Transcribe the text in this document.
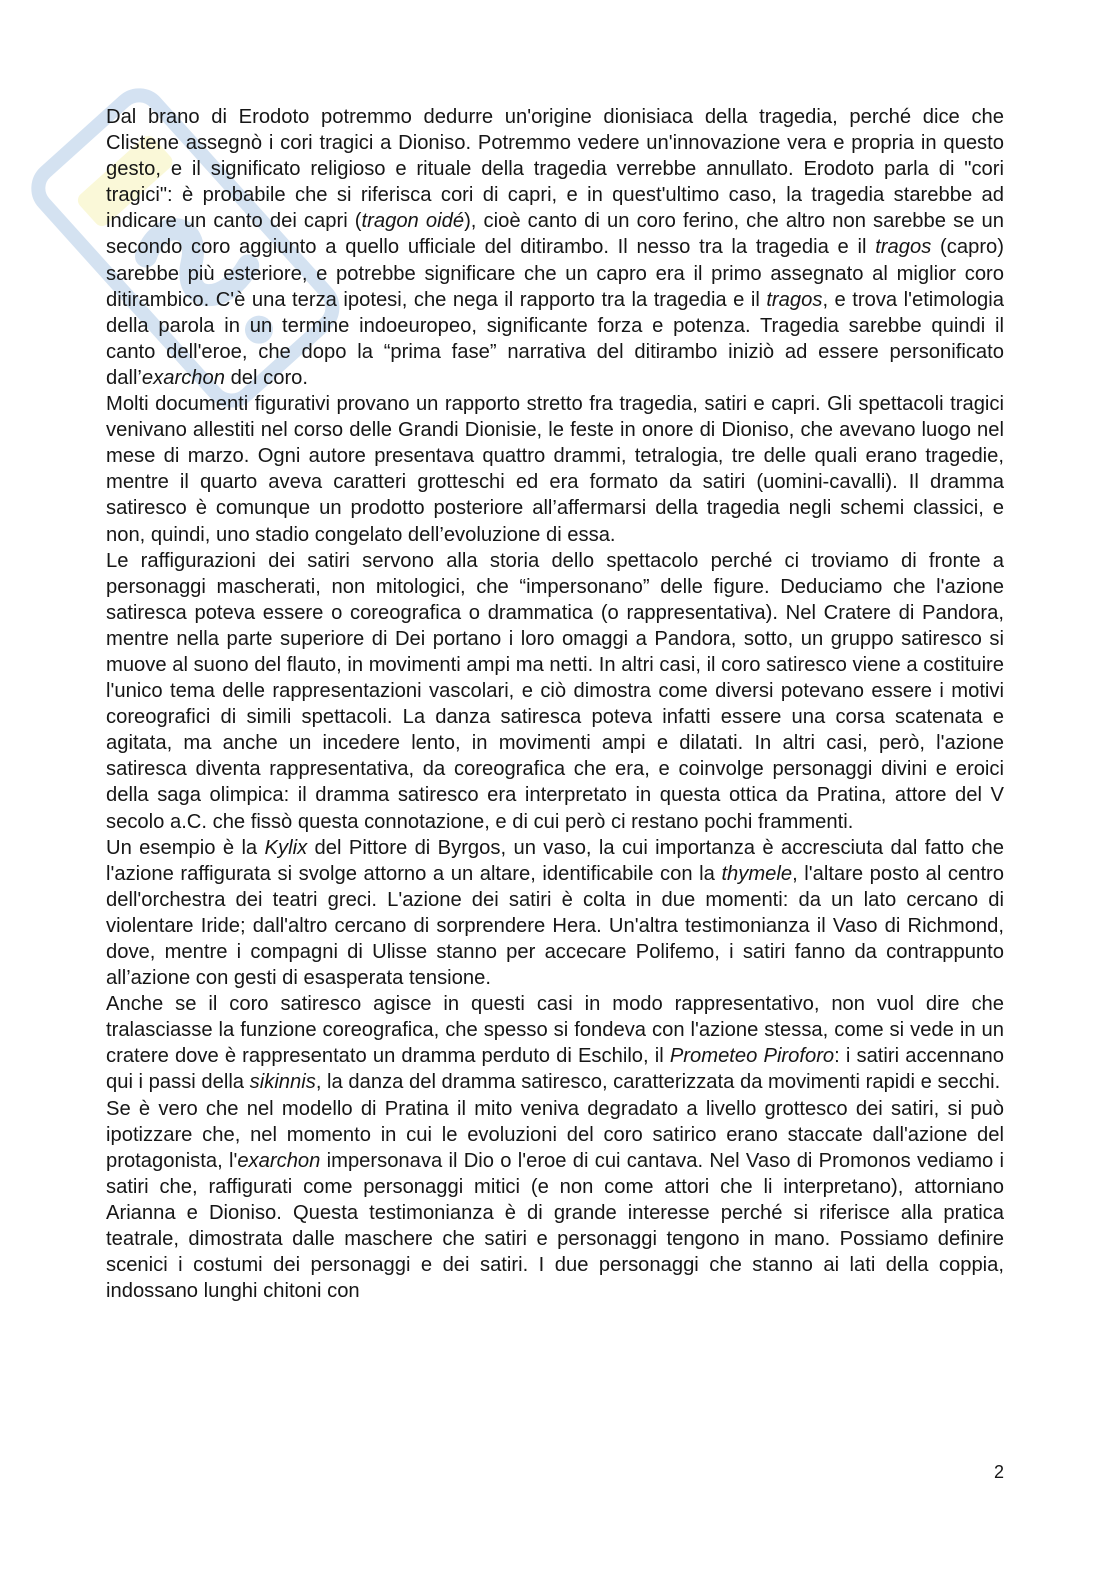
Dal brano di Erodoto potremmo dedurre un'origine dionisiaca della tragedia, perché dice che Clistene assegnò i cori tragici a Dioniso. Potremmo vedere un'innovazione vera e propria in questo gesto, e il significato religioso e rituale della tragedia verrebbe annullato. Erodoto parla di "cori tragici": è probabile che si riferisca cori di capri, e in quest'ultimo caso, la tragedia starebbe ad indicare un canto dei capri (tragon oidé), cioè canto di un coro ferino, che altro non sarebbe se un secondo coro aggiunto a quello ufficiale del ditirambo. Il nesso tra la tragedia e il tragos (capro) sarebbe più esteriore, e potrebbe significare che un capro era il primo assegnato al miglior coro ditirambico. C'è una terza ipotesi, che nega il rapporto tra la tragedia e il tragos, e trova l'etimologia della parola in un termine indoeuropeo, significante forza e potenza. Tragedia sarebbe quindi il canto dell'eroe, che dopo la “prima fase” narrativa del ditirambo iniziò ad essere personificato dall’exarchon del coro.

Molti documenti figurativi provano un rapporto stretto fra tragedia, satiri e capri. Gli spettacoli tragici venivano allestiti nel corso delle Grandi Dionisie, le feste in onore di Dioniso, che avevano luogo nel mese di marzo. Ogni autore presentava quattro drammi, tetralogia, tre delle quali erano tragedie, mentre il quarto aveva caratteri grotteschi ed era formato da satiri (uomini-cavalli). Il dramma satiresco è comunque un prodotto posteriore all’affermarsi della tragedia negli schemi classici, e non, quindi, uno stadio congelato dell’evoluzione di essa.

Le raffigurazioni dei satiri servono alla storia dello spettacolo perché ci troviamo di fronte a personaggi mascherati, non mitologici, che “impersonano” delle figure. Deduciamo che l'azione satiresca poteva essere o coreografica o drammatica (o rappresentativa). Nel Cratere di Pandora, mentre nella parte superiore di Dei portano i loro omaggi a Pandora, sotto, un gruppo satiresco si muove al suono del flauto, in movimenti ampi ma netti. In altri casi, il coro satiresco viene a costituire l'unico tema delle rappresentazioni vascolari, e ciò dimostra come diversi potevano essere i motivi coreografici di simili spettacoli. La danza satiresca poteva infatti essere una corsa scatenata e agitata, ma anche un incedere lento, in movimenti ampi e dilatati. In altri casi, però, l'azione satiresca diventa rappresentativa, da coreografica che era, e coinvolge personaggi divini e eroici della saga olimpica: il dramma satiresco era interpretato in questa ottica da Pratina, attore del V secolo a.C. che fissò questa connotazione, e di cui però ci restano pochi frammenti.

Un esempio è la Kylix del Pittore di Byrgos, un vaso, la cui importanza è accresciuta dal fatto che l'azione raffigurata si svolge attorno a un altare, identificabile con la thymele, l'altare posto al centro dell'orchestra dei teatri greci. L'azione dei satiri è colta in due momenti: da un lato cercano di violentare Iride; dall'altro cercano di sorprendere Hera. Un'altra testimonianza il Vaso di Richmond, dove, mentre i compagni di Ulisse stanno per accecare Polifemo, i satiri fanno da contrappunto all’azione con gesti di esasperata tensione.

Anche se il coro satiresco agisce in questi casi in modo rappresentativo, non vuol dire che tralasciasse la funzione coreografica, che spesso si fondeva con l'azione stessa, come si vede in un cratere dove è rappresentato un dramma perduto di Eschilo, il Prometeo Piroforo: i satiri accennano qui i passi della sikinnis, la danza del dramma satiresco, caratterizzata da movimenti rapidi e secchi.

Se è vero che nel modello di Pratina il mito veniva degradato a livello grottesco dei satiri, si può ipotizzare che, nel momento in cui le evoluzioni del coro satirico erano staccate dall'azione del protagonista, l'exarchon impersonava il Dio o l'eroe di cui cantava. Nel Vaso di Promonos vediamo i satiri che, raffigurati come personaggi mitici (e non come attori che li interpretano), attorniano Arianna e Dioniso. Questa testimonianza è di grande interesse perché si riferisce alla pratica teatrale, dimostrata dalle maschere che satiri e personaggi tengono in mano. Possiamo definire scenici i costumi dei personaggi e dei satiri. I due personaggi che stanno ai lati della coppia, indossano lunghi chitoni con

2
